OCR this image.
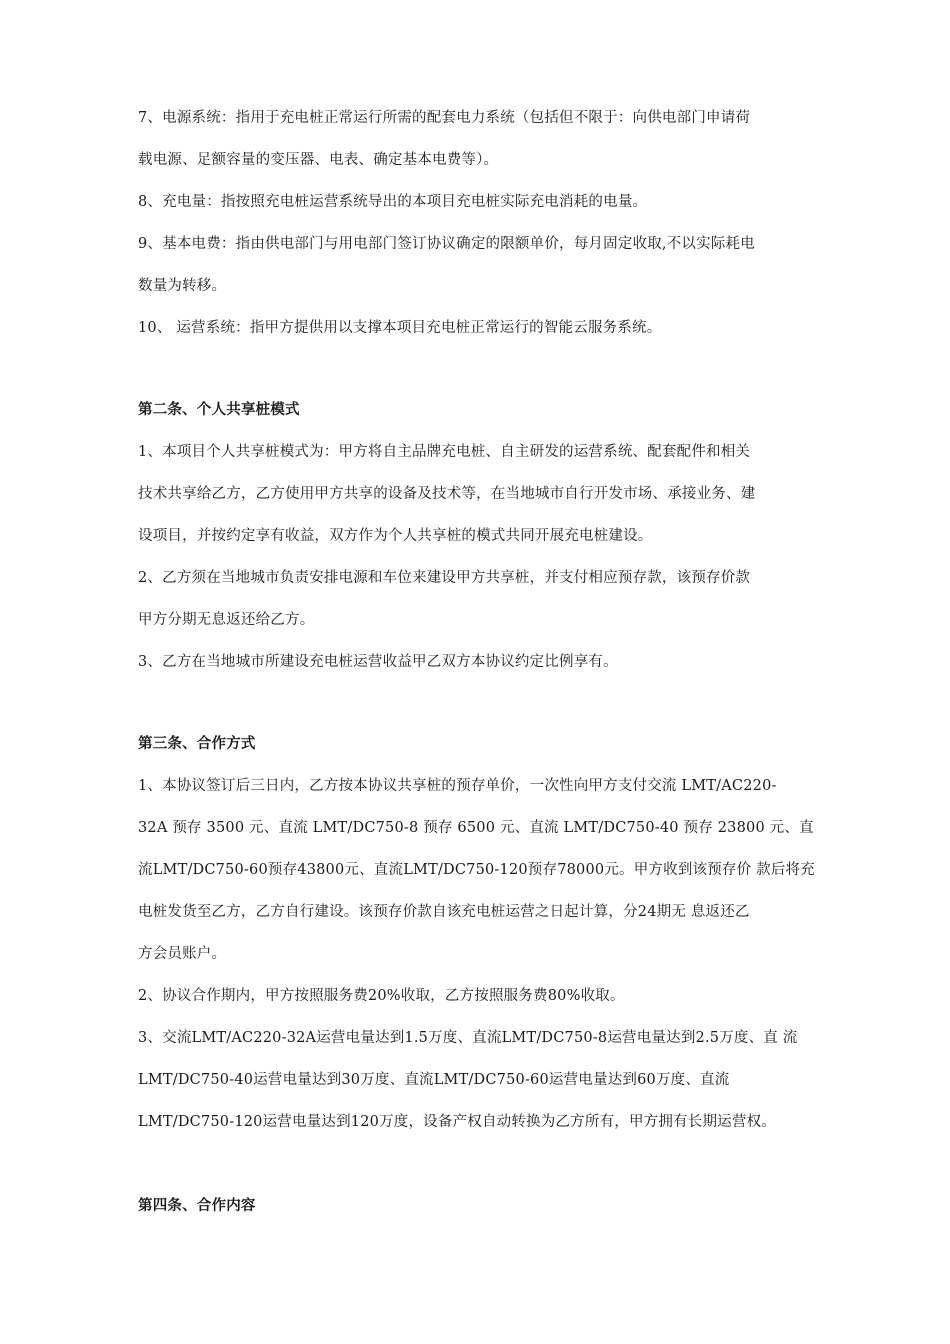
7、电源系统：指用于充电桩正常运行所需的配套电力系统（包括但不限于：向供电部门申请荷
载电源、足额容量的变压器、电表、确定基本电费等）。
8、充电量：指按照充电桩运营系统导出的本项目充电桩实际充电消耗的电量。
9、基本电费：指由供电部门与用电部门签订协议确定的限额单价，每月固定收取,不以实际耗电
数量为转移。
10、 运营系统：指甲方提供用以支撑本项目充电桩正常运行的智能云服务系统。
第二条、个人共享桩模式
1、本项目个人共享桩模式为：甲方将自主品牌充电桩、自主研发的运营系统、配套配件和相关
技术共享给乙方，乙方使用甲方共享的设备及技术等，在当地城市自行开发市场、承接业务、建
设项目，并按约定享有收益，双方作为个人共享桩的模式共同开展充电桩建设。
2、乙方须在当地城市负责安排电源和车位来建设甲方共享桩，并支付相应预存款，该预存价款
甲方分期无息返还给乙方。
3、乙方在当地城市所建设充电桩运营收益甲乙双方本协议约定比例享有。
第三条、合作方式
1、本协议签订后三日内，乙方按本协议共享桩的预存单价，一次性向甲方支付交流 LMT/AC220-
32A 预存 3500 元、直流 LMT/DC750-8 预存 6500 元、直流 LMT/DC750-40 预存 23800 元、直
流LMT/DC750-60预存43800元、直流LMT/DC750-120预存78000元。甲方收到该预存价 款后将充
电桩发货至乙方，乙方自行建设。该预存价款自该充电桩运营之日起计算，分24期无 息返还乙
方会员账户。
2、协议合作期内，甲方按照服务费20%收取，乙方按照服务费80%收取。
3、交流LMT/AC220-32A运营电量达到1.5万度、直流LMT/DC750-8运营电量达到2.5万度、直 流
LMT/DC750-40运营电量达到30万度、直流LMT/DC750-60运营电量达到60万度、直流
LMT/DC750-120运营电量达到120万度，设备产权自动转换为乙方所有，甲方拥有长期运营权。
第四条、合作内容
